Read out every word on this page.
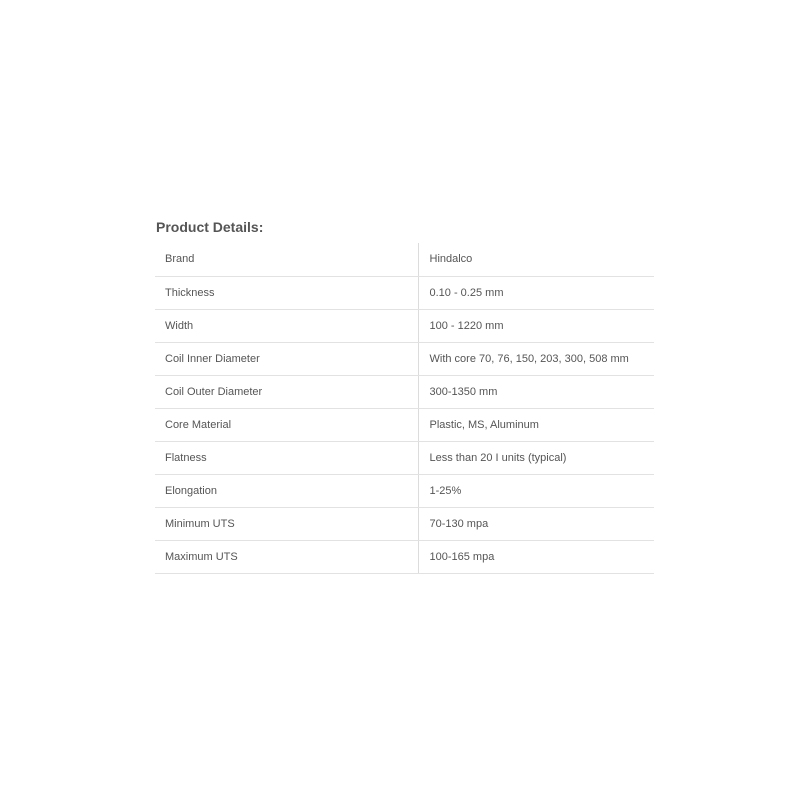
Product Details:
Brand	Hindalco
Thickness	0.10 - 0.25 mm
Width	100 - 1220 mm
Coil Inner Diameter	With core 70, 76, 150, 203, 300, 508 mm
Coil Outer Diameter	300-1350 mm
Core Material	Plastic, MS, Aluminum
Flatness	Less than 20 I units (typical)
Elongation	1-25%
Minimum UTS	70-130 mpa
Maximum UTS	100-165 mpa
